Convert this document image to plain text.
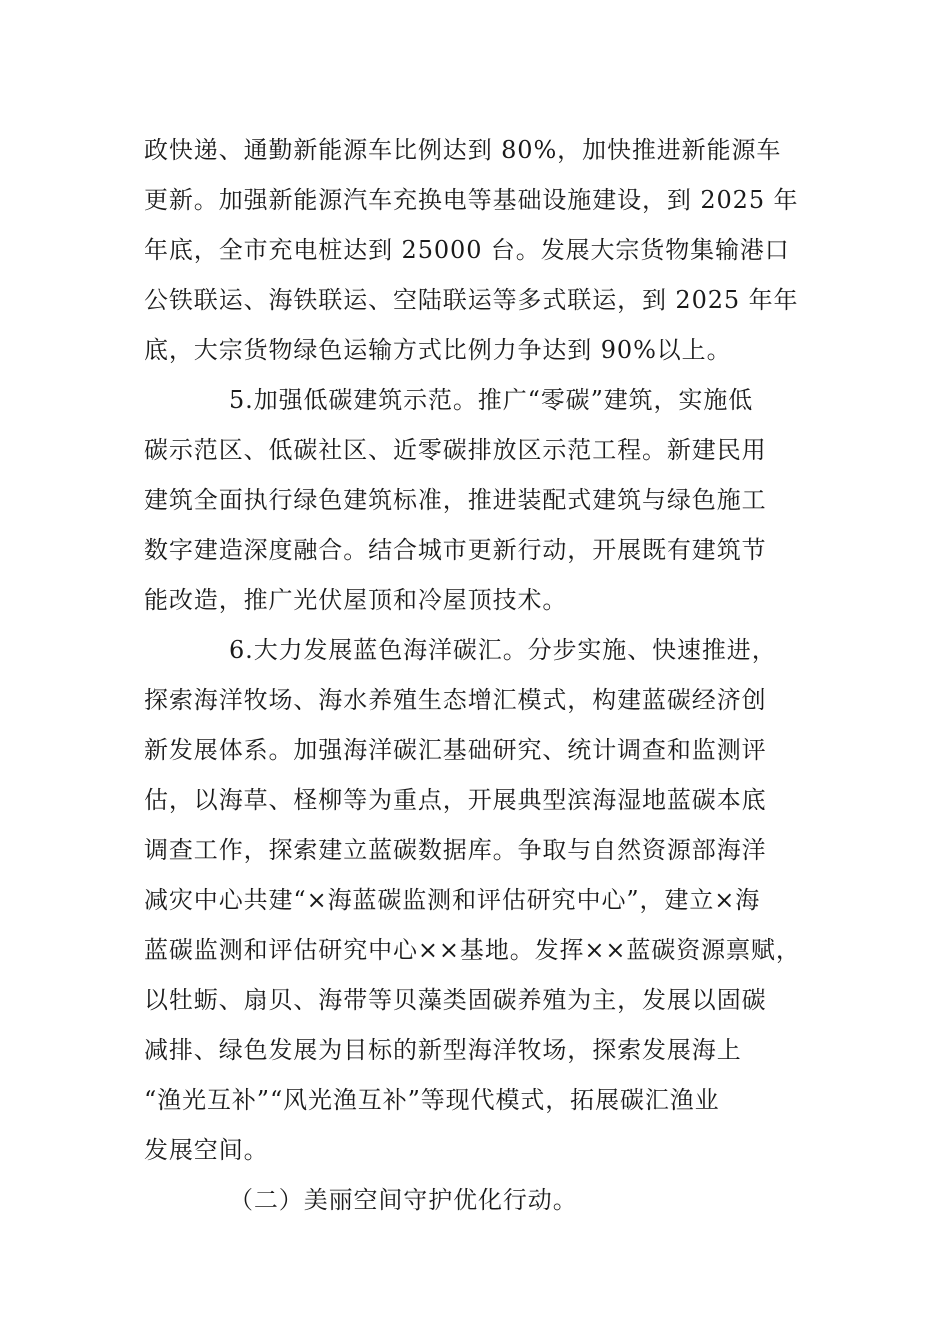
政快递、通勤新能源车比例达到 80%，加快推进新能源车
更新。加强新能源汽车充换电等基础设施建设，到 2025 年
年底，全市充电桩达到 25000 台。发展大宗货物集输港口
公铁联运、海铁联运、空陆联运等多式联运，到 2025 年年
底，大宗货物绿色运输方式比例力争达到 90%以上。
5.加强低碳建筑示范。推广“零碳”建筑，实施低
碳示范区、低碳社区、近零碳排放区示范工程。新建民用
建筑全面执行绿色建筑标准，推进装配式建筑与绿色施工
数字建造深度融合。结合城市更新行动，开展既有建筑节
能改造，推广光伏屋顶和冷屋顶技术。
6.大力发展蓝色海洋碳汇。分步实施、快速推进，
探索海洋牧场、海水养殖生态增汇模式，构建蓝碳经济创
新发展体系。加强海洋碳汇基础研究、统计调查和监测评
估，以海草、柽柳等为重点，开展典型滨海湿地蓝碳本底
调查工作，探索建立蓝碳数据库。争取与自然资源部海洋
减灾中心共建“×海蓝碳监测和评估研究中心”，建立×海
蓝碳监测和评估研究中心××基地。发挥××蓝碳资源禀赋，
以牡蛎、扇贝、海带等贝藻类固碳养殖为主，发展以固碳
减排、绿色发展为目标的新型海洋牧场，探索发展海上
“渔光互补”“风光渔互补”等现代模式，拓展碳汇渔业
发展空间。
（二）美丽空间守护优化行动。
